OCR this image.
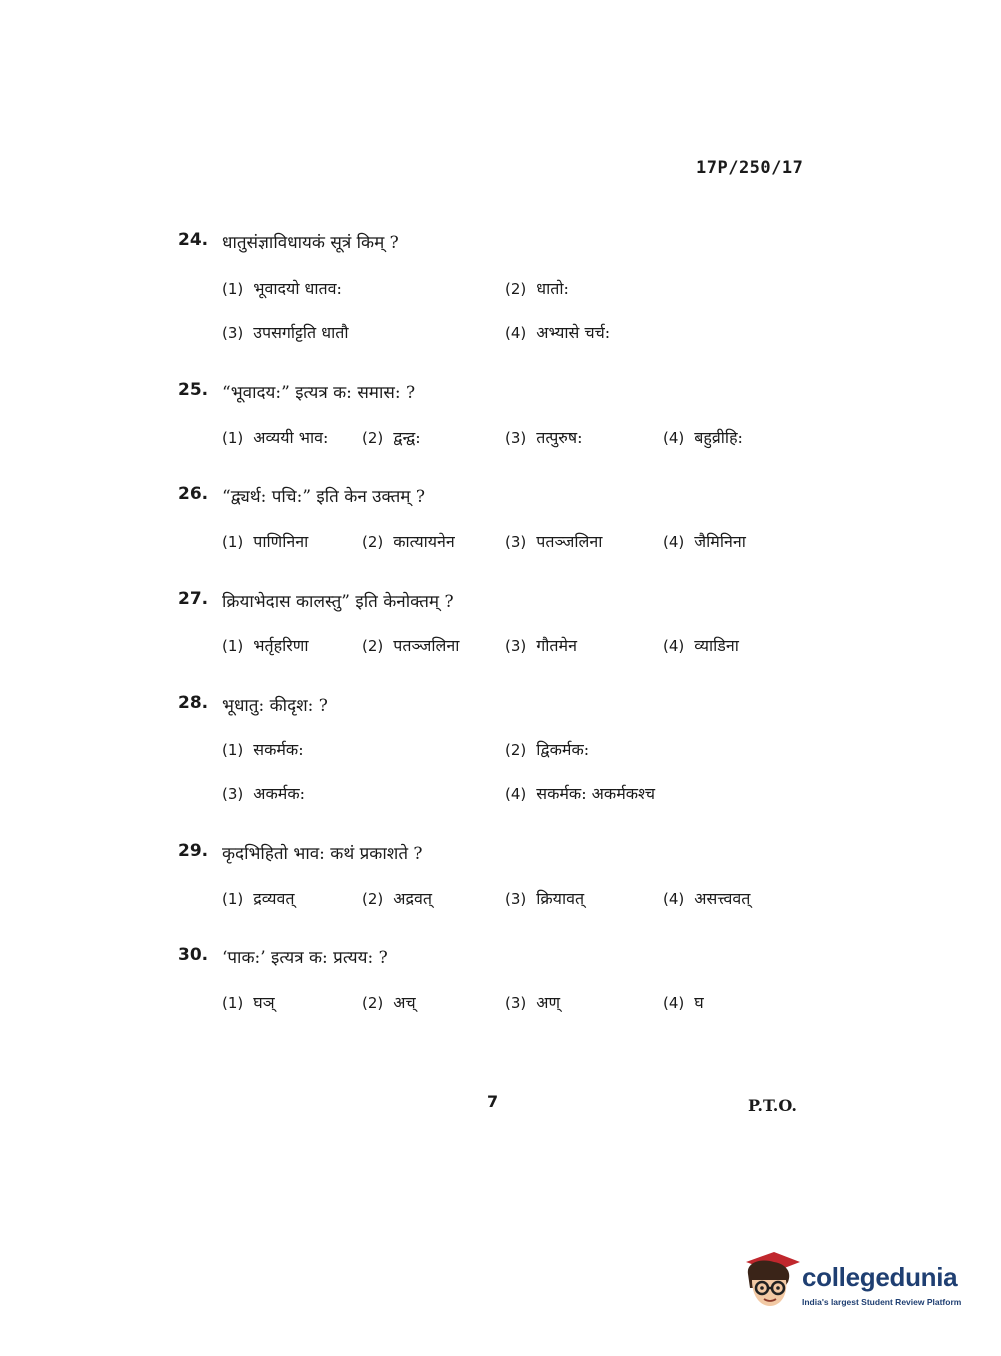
17P/250/17
24. धातुसंज्ञाविधायकं सूत्रं किम् ?
(1) भूवादयो धातव:	(2) धातो:
(3) उपसर्गाट्टति धातौ	(4) अभ्यासे चर्च:
25. “भूवादय:” इत्यत्र क: समास: ?
(1) अव्ययी भाव: (2) द्वन्द्व:	(3) तत्पुरुष:	(4) बहुव्रीहि:
26. “द्व्यर्थ: पचि:” इति केन उक्तम् ?
(1) पाणिनिना	(2) कात्यायनेन	(3) पतञ्जलिना	(4) जैमिनिना
27. क्रियाभेदास कालस्तु” इति केनोक्तम् ?
(1) भर्तृहरिणा	(2) पतञ्जलिना	(3) गौतमेन	(4) व्याडिना
28. भूधातु: कीदृश: ?
(1) सकर्मक:	(2) द्विकर्मक:
(3) अकर्मक:	(4) सकर्मक: अकर्मकश्च
29. कृदभिहितो भाव: कथं प्रकाशते ?
(1) द्रव्यवत्	(2) अद्रवत्	(3) क्रियावत्	(4) असत्त्ववत्
30. ‘पाक:’ इत्यत्र क: प्रत्यय: ?
(1) घञ्	(2) अच्	(3) अण्	(4) घ
7	P.T.O.
collegedunia
India's largest Student Review Platform
